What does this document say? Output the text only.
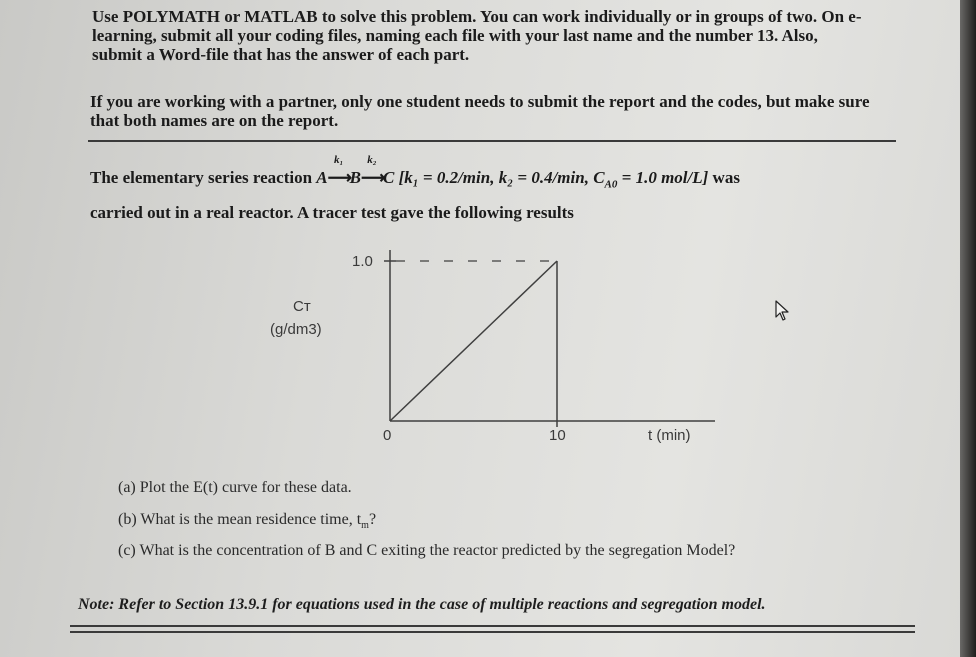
Use POLYMATH or MATLAB to solve this problem. You can work individually or in groups of two. On e-learning, submit all your coding files, naming each file with your last name and the number 13. Also, submit a Word-file that has the answer of each part.
If you are working with a partner, only one student needs to submit the report and the codes, but make sure that both names are on the report.
The elementary series reaction A
k₁
⟶B
k₂
⟶C [k₁ = 0.2/min, k₂ = 0.4/min, $C_{A0} = 1.0$ mol/L] was
carried out in a real reactor. A tracer test gave the following results
Cᴛ
(g/dm3)
1.0
0	10	t (min)
(a) Plot the E(t) curve for these data.
(b) What is the mean residence time, $t_m$?
(c) What is the concentration of B and C exiting the reactor predicted by the segregation Model?
Note: Refer to Section 13.9.1 for equations used in the case of multiple reactions and segregation model.
